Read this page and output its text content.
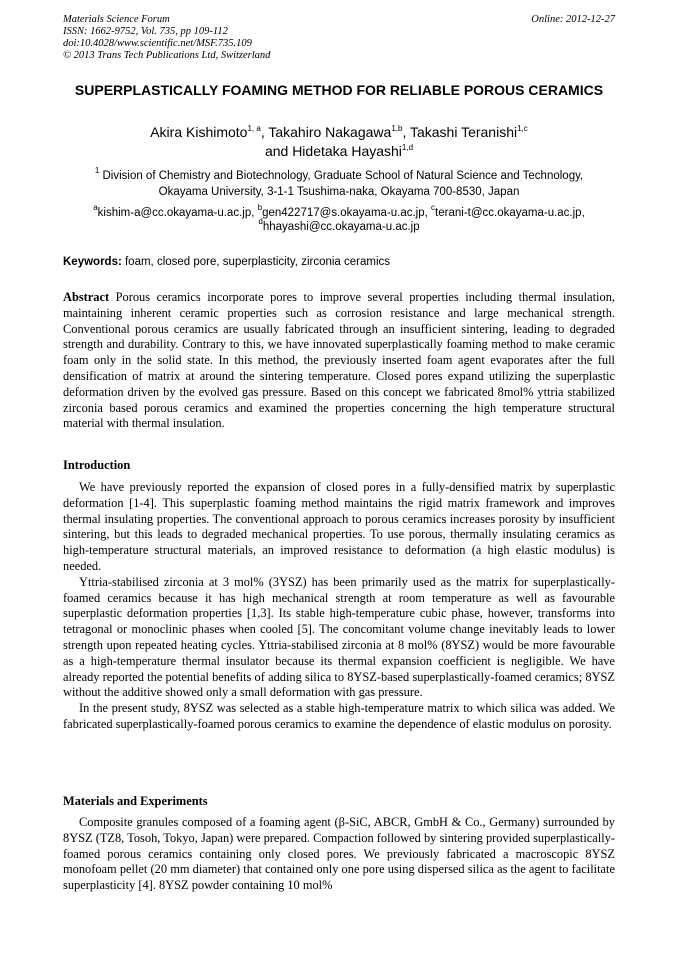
Materials Science Forum
ISSN: 1662-9752, Vol. 735, pp 109-112
doi:10.4028/www.scientific.net/MSF.735.109
© 2013 Trans Tech Publications Ltd, Switzerland
Online: 2012-12-27
SUPERPLASTICALLY FOAMING METHOD FOR RELIABLE POROUS CERAMICS
Akira Kishimoto$^{1, a}$, Takahiro Nakagawa$^{1,b}$, Takashi Teranishi$^{1,c}$
and Hidetaka Hayashi$^{1,d}$
$^1$ Division of Chemistry and Biotechnology, Graduate School of Natural Science and Technology,
Okayama University, 3-1-1 Tsushima-naka, Okayama 700-8530, Japan
$^a$kishim-a@cc.okayama-u.ac.jp, $^b$gen422717@s.okayama-u.ac.jp, $^c$terani-t@cc.okayama-u.ac.jp,
$^d$hhayashi@cc.okayama-u.ac.jp
Keywords: foam, closed pore, superplasticity, zirconia ceramics
Abstract Porous ceramics incorporate pores to improve several properties including thermal insulation, maintaining inherent ceramic properties such as corrosion resistance and large mechanical strength. Conventional porous ceramics are usually fabricated through an insufficient sintering, leading to degraded strength and durability. Contrary to this, we have innovated superplastically foaming method to make ceramic foam only in the solid state. In this method, the previously inserted foam agent evaporates after the full densification of matrix at around the sintering temperature. Closed pores expand utilizing the superplastic deformation driven by the evolved gas pressure. Based on this concept we fabricated 8mol% yttria stabilized zirconia based porous ceramics and examined the properties concerning the high temperature structural material with thermal insulation.
Introduction

We have previously reported the expansion of closed pores in a fully-densified matrix by superplastic deformation [1-4]. This superplastic foaming method maintains the rigid matrix framework and improves thermal insulating properties. The conventional approach to porous ceramics increases porosity by insufficient sintering, but this leads to degraded mechanical properties. To use porous, thermally insulating ceramics as high-temperature structural materials, an improved resistance to deformation (a high elastic modulus) is needed.

Yttria-stabilised zirconia at 3 mol% (3YSZ) has been primarily used as the matrix for superplastically-foamed ceramics because it has high mechanical strength at room temperature as well as favourable superplastic deformation properties [1,3]. Its stable high-temperature cubic phase, however, transforms into tetragonal or monoclinic phases when cooled [5]. The concomitant volume change inevitably leads to lower strength upon repeated heating cycles. Yttria-stabilised zirconia at 8 mol% (8YSZ) would be more favourable as a high-temperature thermal insulator because its thermal expansion coefficient is negligible. We have already reported the potential benefits of adding silica to 8YSZ-based superplastically-foamed ceramics; 8YSZ without the additive showed only a small deformation with gas pressure.

In the present study, 8YSZ was selected as a stable high-temperature matrix to which silica was added. We fabricated superplastically-foamed porous ceramics to examine the dependence of elastic modulus on porosity.

Materials and Experiments

Composite granules composed of a foaming agent (β-SiC, ABCR, GmbH & Co., Germany) surrounded by 8YSZ (TZ8, Tosoh, Tokyo, Japan) were prepared. Compaction followed by sintering provided superplastically-foamed porous ceramics containing only closed pores. We previously fabricated a macroscopic 8YSZ monofoam pellet (20 mm diameter) that contained only one pore using dispersed silica as the agent to facilitate superplasticity [4]. 8YSZ powder containing 10 mol%
